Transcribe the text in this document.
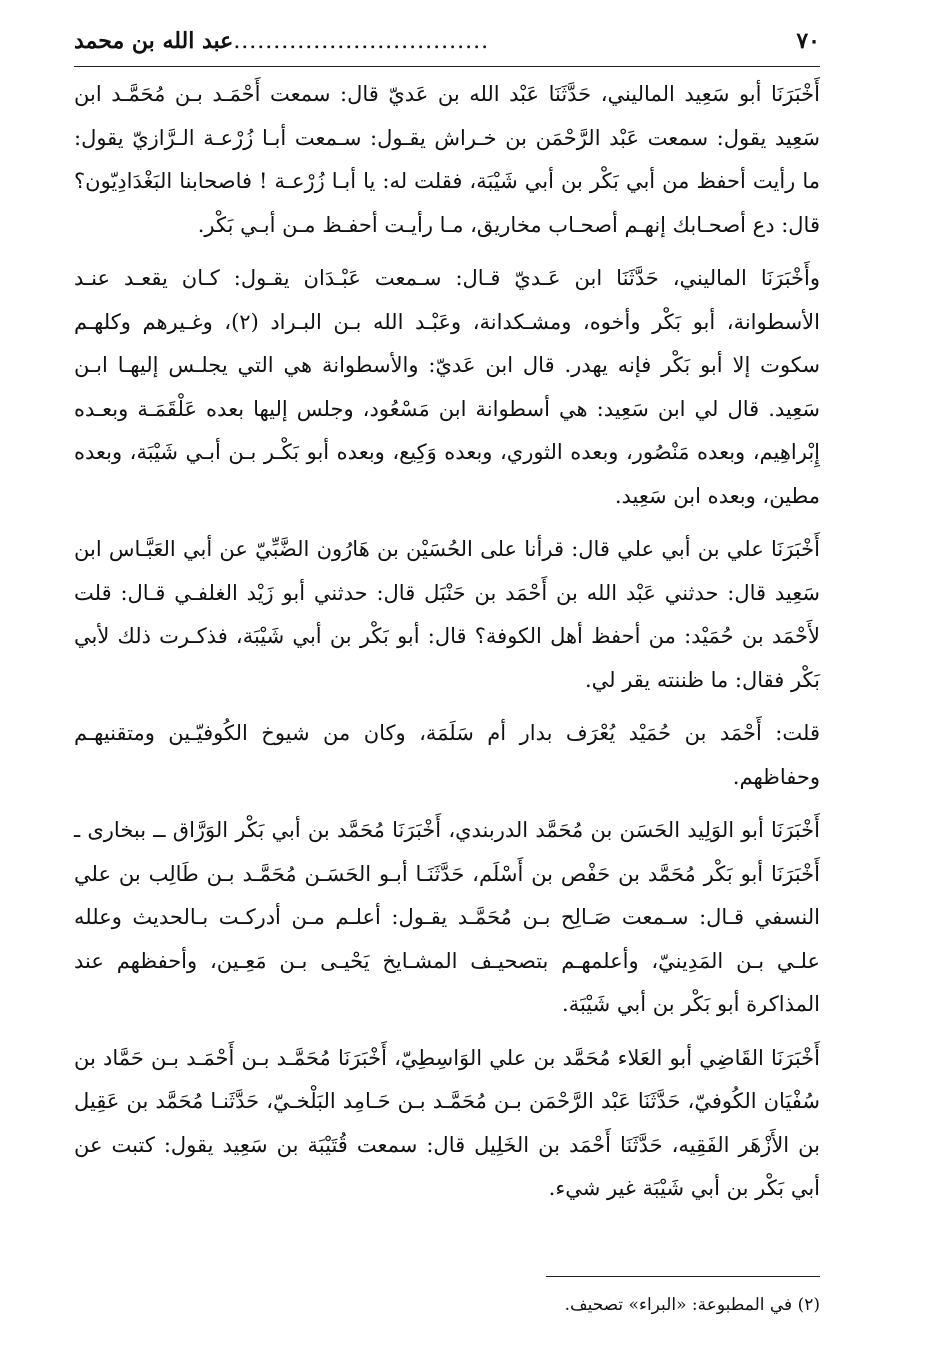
٧٠
عبد الله بن محمد ................................

أَخْبَرَنَا أبو سَعِيد الماليني، حَدَّثَنَا عَبْد الله بن عَديّ قال: سمعت أَحْمَـد بـن مُحَمَّـد ابن سَعِيد يقول: سمعت عَبْد الرَّحْمَن بن خـراش يقـول: سـمعت أبـا زُرْعـة الـرَّازيّ يقول: ما رأيت أحفظ من أبي بَكْر بن أبي شَيْبَة، فقلت له: يا أبـا زُرْعـة ! فاصحابنا البَغْدَادِيّون؟ قال: دع أصحـابك إنهـم أصحـاب مخاريق، مـا رأيـت أحفـظ مـن أبـي بَكْر.

وأَخْبَرَنَا الماليني، حَدَّثَنَا ابن عَـديّ قـال: سـمعت عَبْـدَان يقـول: كـان يقعـد عنـد الأسطوانة، أبو بَكْر وأخوه، ومشـكدانة، وعَبْـد الله بـن البـراد (٢)، وغـيرهم وكلهـم سكوت إلا أبو بَكْر فإنه يهدر. قال ابن عَديّ: والأسطوانة هي التي يجلـس إليهـا ابـن سَعِيد. قال لي ابن سَعِيد: هي أسطوانة ابن مَسْعُود، وجلس إليها بعده عَلْقَمَـة وبعـده إِبْراهِيم، وبعده مَنْصُور، وبعده الثوري، وبعده وَكِيع، وبعده أبو بَكْـر بـن أبـي شَيْبَة، وبعده مطين، وبعده ابن سَعِيد.

أَخْبَرَنَا علي بن أبي علي قال: قرأنا على الحُسَيْن بن هَارُون الضَّبِّيّ عن أبي العَبَّـاس ابن سَعِيد قال: حدثني عَبْد الله بن أَحْمَد بن حَنْبَل قال: حدثني أبو زَيْد الغلفـي قـال: قلت لأَحْمَد بن حُمَيْد: من أحفظ أهل الكوفة؟ قال: أبو بَكْر بن أبي شَيْبَة، فذكـرت ذلك لأبي بَكْر فقال: ما ظننته يقر لي.

قلت: أَحْمَد بن حُمَيْد يُعْرَف بدار أم سَلَمَة، وكان من شيوخ الكُوفيّـين ومتقنيهـم وحفاظهم.

أَخْبَرَنَا أبو الوَلِيد الحَسَن بن مُحَمَّد الدربندي، أَخْبَرَنَا مُحَمَّد بن أبي بَكْر الوَرَّاق ــ ببخارى ـ أَخْبَرَنَا أبو بَكْر مُحَمَّد بن حَفْص بن أَسْلَم، حَدَّثَنَـا أبـو الحَسَـن مُحَمَّـد بـن طَالِب بن علي النسفي قـال: سـمعت صَـالِح بـن مُحَمَّـد يقـول: أعلـم مـن أدركـت بـالحديث وعلله علـي بـن المَدِينيّ، وأعلمهـم بتصحيـف المشـايخ يَحْيـى بـن مَعِـين، وأحفظهم عند المذاكرة أبو بَكْر بن أبي شَيْبَة.

أَخْبَرَنَا القَاضِي أبو العَلاء مُحَمَّد بن علي الوَاسِطِيّ، أَخْبَرَنَا مُحَمَّـد بـن أَحْمَـد بـن حَمَّاد بن سُفْيَان الكُوفيّ، حَدَّثَنَا عَبْد الرَّحْمَن بـن مُحَمَّـد بـن حَـامِد البَلْخـيّ، حَدَّثَنـا مُحَمَّد بن عَقِيل بن الأَزْهَر الفَقِيه، حَدَّثَنَا أَحْمَد بن الخَلِيل قال: سمعت قُتَيْبَة بن سَعِيد يقول: كتبت عن أبي بَكْر بن أبي شَيْبَة غير شيء.

(٢) في المطبوعة: «البراء» تصحيف.
